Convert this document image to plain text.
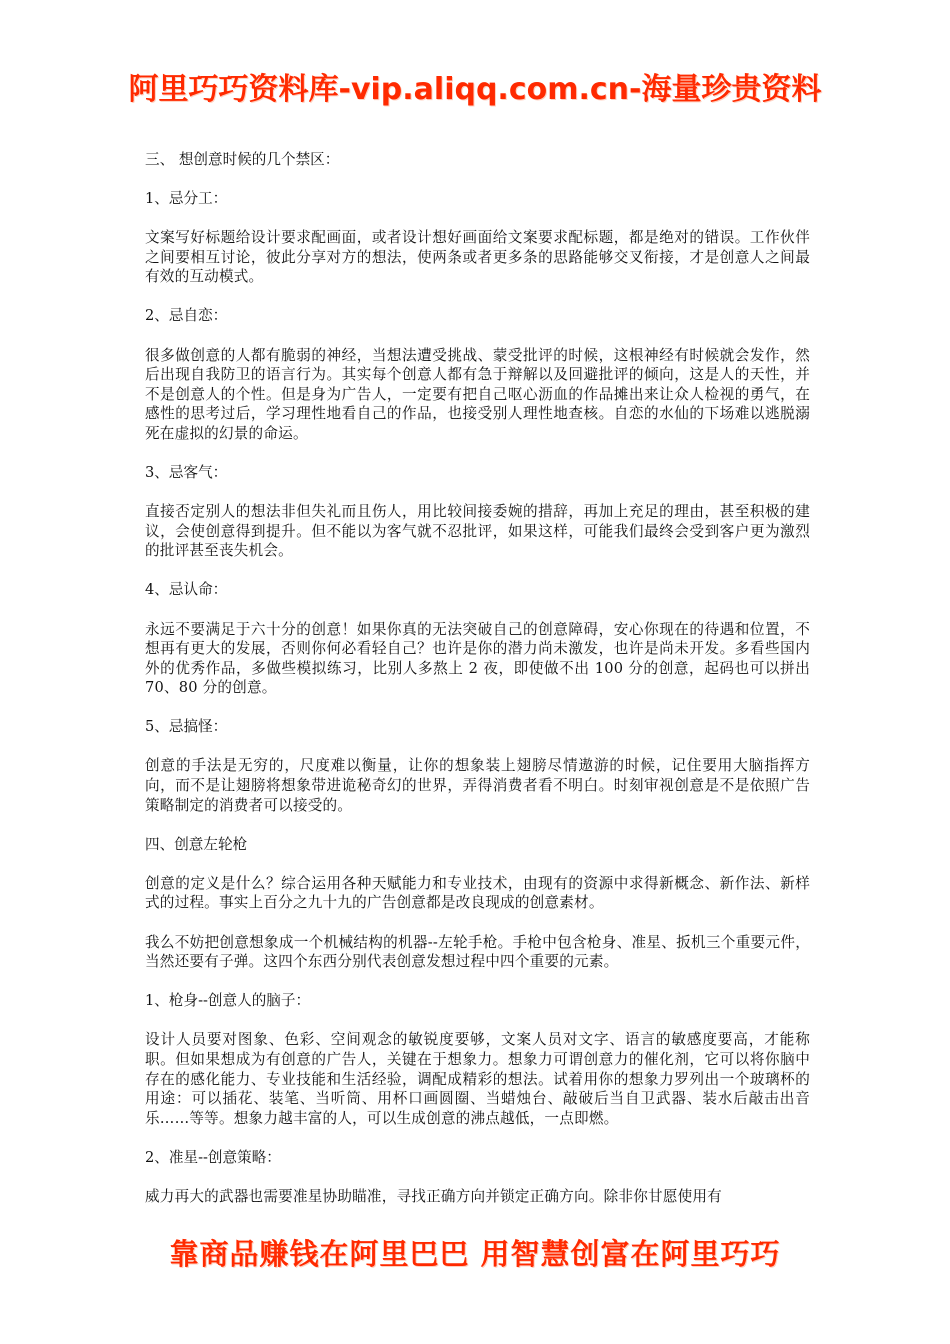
阿里巧巧资料库-vip.aliqq.com.cn-海量珍贵资料
三、 想创意时候的几个禁区：
1、忌分工：
文案写好标题给设计要求配画面，或者设计想好画面给文案要求配标题，都是绝对的错误。工作伙伴之间要相互讨论，彼此分享对方的想法，使两条或者更多条的思路能够交叉衔接，才是创意人之间最有效的互动模式。
2、忌自恋：
很多做创意的人都有脆弱的神经，当想法遭受挑战、蒙受批评的时候，这根神经有时候就会发作，然后出现自我防卫的语言行为。其实每个创意人都有急于辩解以及回避批评的倾向，这是人的天性，并不是创意人的个性。但是身为广告人，一定要有把自己呕心沥血的作品摊出来让众人检视的勇气，在感性的思考过后，学习理性地看自己的作品，也接受别人理性地查核。自恋的水仙的下场难以逃脱溺死在虚拟的幻景的命运。
3、忌客气：
直接否定别人的想法非但失礼而且伤人，用比较间接委婉的措辞，再加上充足的理由，甚至积极的建议，会使创意得到提升。但不能以为客气就不忍批评，如果这样，可能我们最终会受到客户更为激烈的批评甚至丧失机会。
4、忌认命：
永远不要满足于六十分的创意！如果你真的无法突破自己的创意障碍，安心你现在的待遇和位置，不想再有更大的发展，否则你何必看轻自己？也许是你的潜力尚未激发，也许是尚未开发。多看些国内外的优秀作品，多做些模拟练习，比别人多熬上 2 夜，即使做不出 100 分的创意，起码也可以拼出 70、80 分的创意。
5、忌搞怪：
创意的手法是无穷的，尺度难以衡量，让你的想象装上翅膀尽情遨游的时候，记住要用大脑指挥方向，而不是让翅膀将想象带进诡秘奇幻的世界，弄得消费者看不明白。时刻审视创意是不是依照广告策略制定的消费者可以接受的。
四、创意左轮枪
创意的定义是什么？综合运用各种天赋能力和专业技术，由现有的资源中求得新概念、新作法、新样式的过程。事实上百分之九十九的广告创意都是改良现成的创意素材。
我么不妨把创意想象成一个机械结构的机器--左轮手枪。手枪中包含枪身、准星、扳机三个重要元件，当然还要有子弹。这四个东西分别代表创意发想过程中四个重要的元素。
1、枪身--创意人的脑子：
设计人员要对图象、色彩、空间观念的敏锐度要够，文案人员对文字、语言的敏感度要高，才能称职。但如果想成为有创意的广告人，关键在于想象力。想象力可谓创意力的催化剂，它可以将你脑中存在的感化能力、专业技能和生活经验，调配成精彩的想法。试着用你的想象力罗列出一个玻璃杯的用途：可以插花、装笔、当听筒、用杯口画圆圈、当蜡烛台、敲破后当自卫武器、装水后敲击出音乐……等等。想象力越丰富的人，可以生成创意的沸点越低，一点即燃。
2、准星--创意策略：
威力再大的武器也需要准星协助瞄准，寻找正确方向并锁定正确方向。除非你甘愿使用有
靠商品赚钱在阿里巴巴 用智慧创富在阿里巧巧
